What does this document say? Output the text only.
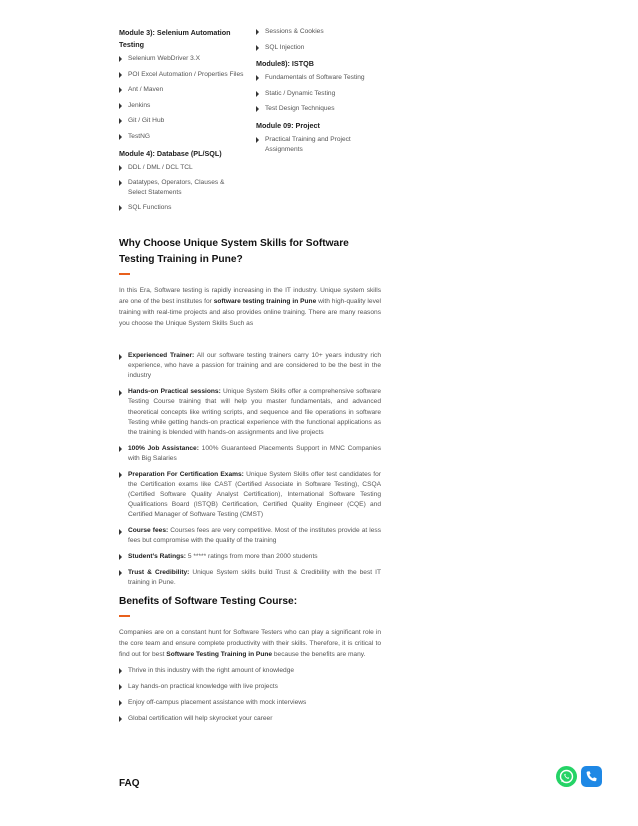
Module 3): Selenium Automation Testing
Selenium WebDriver 3.X
POI Excel Automation / Properties Files
Ant / Maven
Jenkins
Git / Git Hub
TestNG
Module 4): Database (PL/SQL)
DDL / DML / DCL TCL
Datatypes, Operators, Clauses & Select Statements
SQL Functions
Sessions & Cookies
SQL Injection
Module8): ISTQB
Fundamentals of Software Testing
Static / Dynamic Testing
Test Design Techniques
Module 09: Project
Practical Training and Project Assignments
Why Choose Unique System Skills for Software Testing Training in Pune?

In this Era, Software testing is rapidly increasing in the IT industry. Unique system skills are one of the best institutes for software testing training in Pune with high-quality level training with real-time projects and also provides online training. There are many reasons you choose the Unique System Skills Such as

Experienced Trainer: All our software testing trainers carry 10+ years industry rich experience, who have a passion for training and are considered to be the best in the industry
Hands-on Practical sessions: Unique System Skills offer a comprehensive software Testing Course training that will help you master fundamentals, and advanced theoretical concepts like writing scripts, and sequence and file operations in software Testing while getting hands-on practical experience with the functional applications as the training is blended with hands-on assignments and live projects
100% Job Assistance: 100% Guaranteed Placements Support in MNC Companies with Big Salaries
Preparation For Certification Exams: Unique System Skills offer test candidates for the Certification exams like CAST (Certified Associate in Software Testing), CSQA (Certified Software Quality Analyst Certification), International Software Testing Qualifications Board (ISTQB) Certification, Certified Quality Engineer (CQE) and Certified Manager of Software Testing (CMST)
Course fees: Courses fees are very competitive. Most of the institutes provide at less fees but compromise with the quality of the training
Student’s Ratings: 5 ***** ratings from more than 2000 students
Trust & Credibility: Unique System skills build Trust & Credibility with the best IT training in Pune.
Benefits of Software Testing Course:

Companies are on a constant hunt for Software Testers who can play a significant role in the core team and ensure complete productivity with their skills. Therefore, it is critical to find out for best Software Testing Training in Pune because the benefits are many.

Thrive in this industry with the right amount of knowledge
Lay hands-on practical knowledge with live projects
Enjoy off-campus placement assistance with mock interviews
Global certification will help skyrocket your career
FAQ
